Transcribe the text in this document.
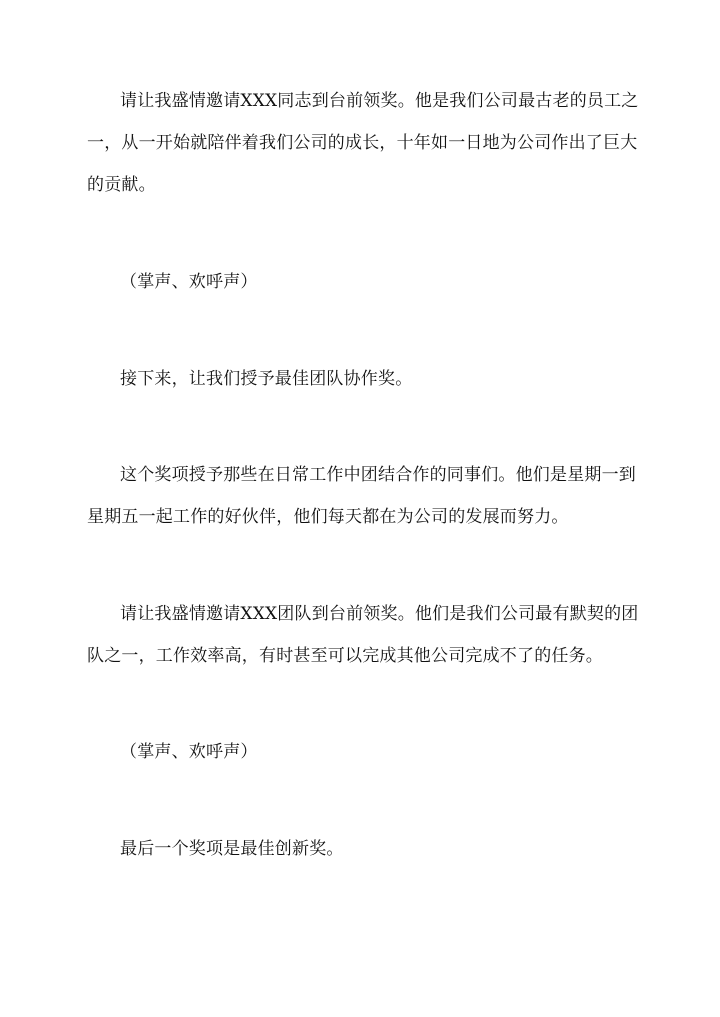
请让我盛情邀请XXX同志到台前领奖。他是我们公司最古老的员工之
一，从一开始就陪伴着我们公司的成长，十年如一日地为公司作出了巨大
的贡献。
（掌声、欢呼声）
接下来，让我们授予最佳团队协作奖。
这个奖项授予那些在日常工作中团结合作的同事们。他们是星期一到
星期五一起工作的好伙伴，他们每天都在为公司的发展而努力。
请让我盛情邀请XXX团队到台前领奖。他们是我们公司最有默契的团
队之一，工作效率高，有时甚至可以完成其他公司完成不了的任务。
（掌声、欢呼声）
最后一个奖项是最佳创新奖。
